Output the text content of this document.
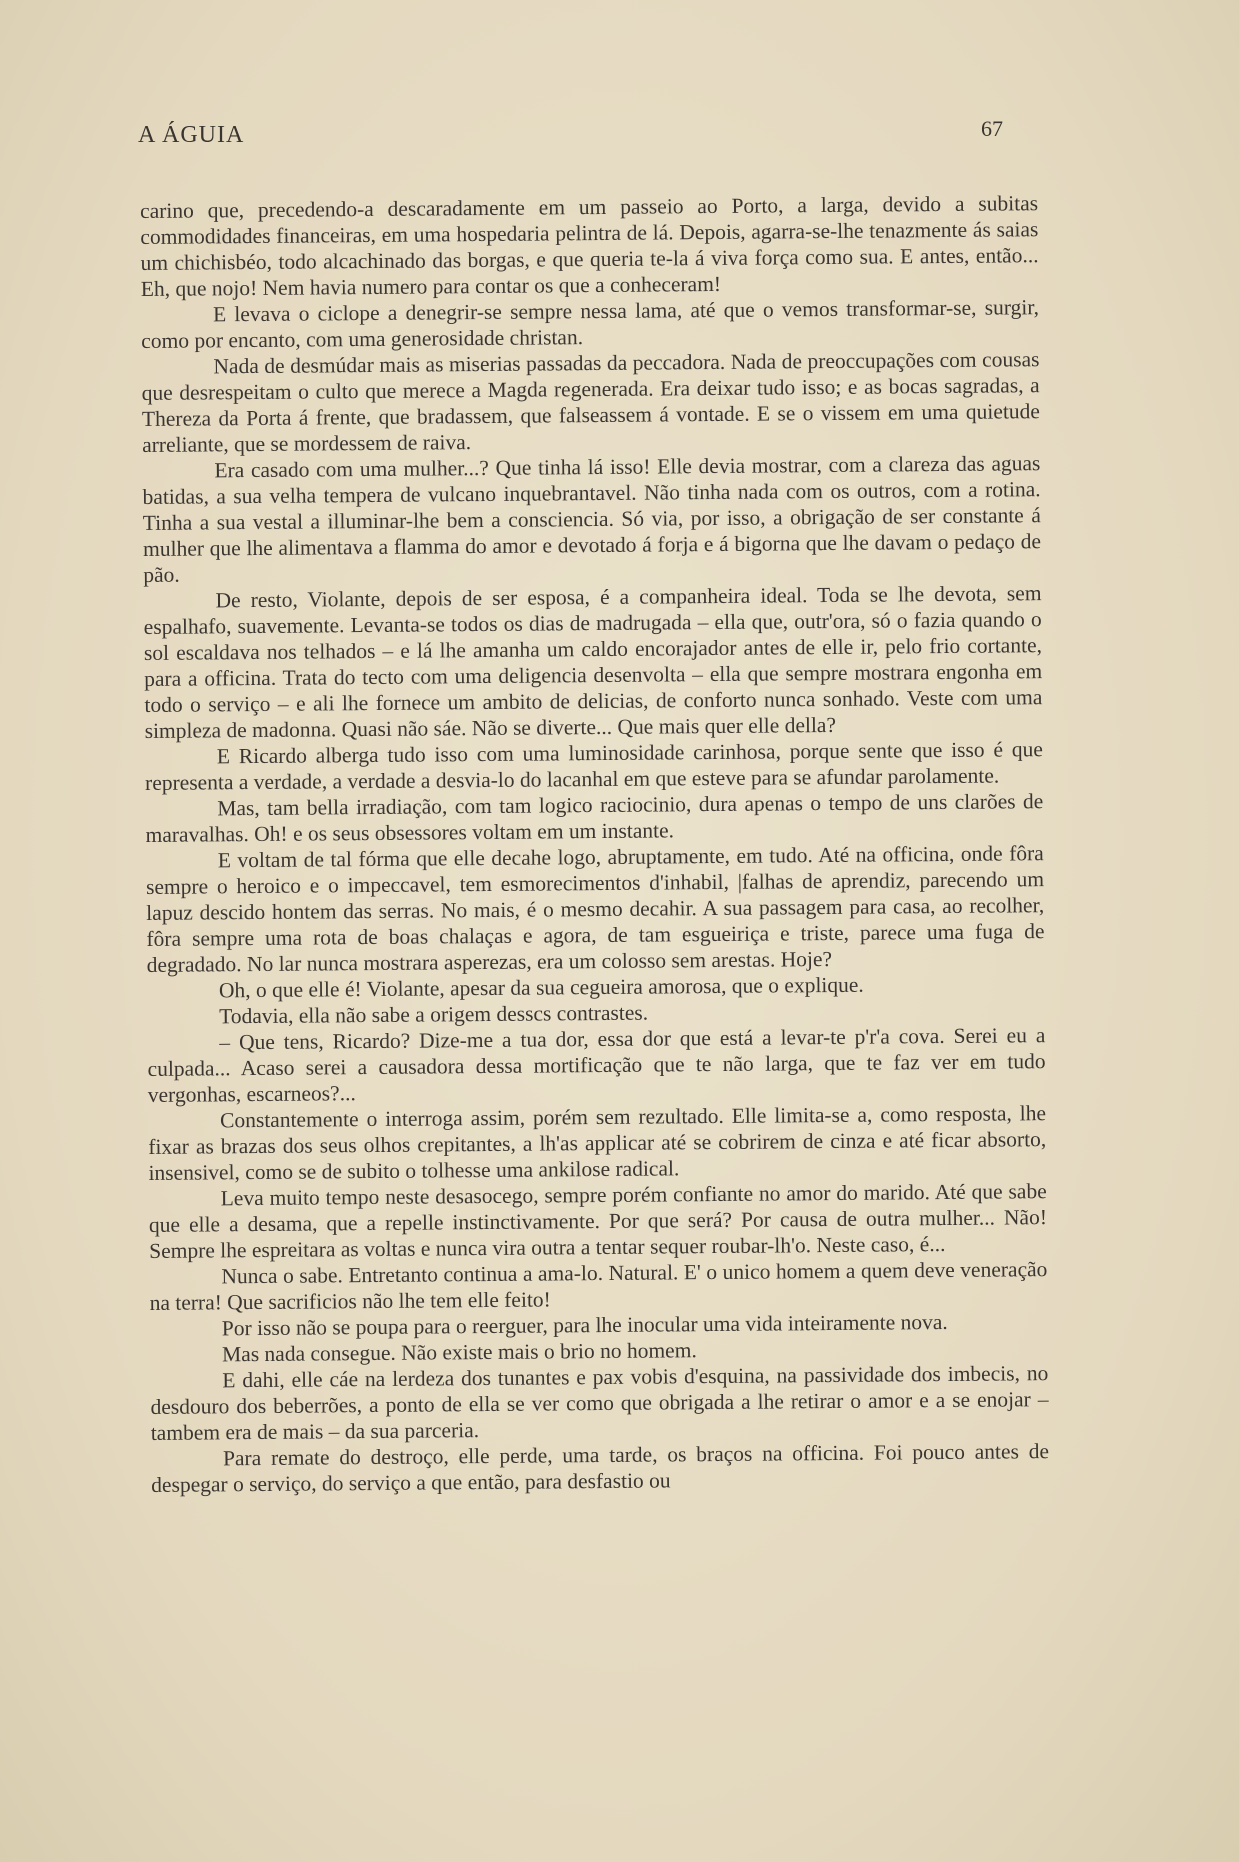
A ÁGUIA	67

carino que, precedendo-a descaradamente em um passeio ao Porto, a larga, devido a subitas commodidades financeiras, em uma hospedaria pelintra de lá. Depois, agarra-se-lhe tenazmente ás saias um chichisbéo, todo alcachinado das borgas, e que queria te-la á viva força como sua. E antes, então... Eh, que nojo! Nem havia numero para contar os que a conheceram!

E levava o ciclope a denegrir-se sempre nessa lama, até que o vemos transformar-se, surgir, como por encanto, com uma generosidade christan.

Nada de desmúdar mais as miserias passadas da peccadora. Nada de preoccupações com cousas que desrespeitam o culto que merece a Magda regenerada. Era deixar tudo isso; e as bocas sagradas, a Thereza da Porta á frente, que bradassem, que falseassem á vontade. E se o vissem em uma quietude arreliante, que se mordessem de raiva.

Era casado com uma mulher...? Que tinha lá isso! Elle devia mostrar, com a clareza das aguas batidas, a sua velha tempera de vulcano inquebrantavel. Não tinha nada com os outros, com a rotina. Tinha a sua vestal a illuminar-lhe bem a consciencia. Só via, por isso, a obrigação de ser constante á mulher que lhe alimentava a flamma do amor e devotado á forja e á bigorna que lhe davam o pedaço de pão.

De resto, Violante, depois de ser esposa, é a companheira ideal. Toda se lhe devota, sem espalhafo, suavemente. Levanta-se todos os dias de madrugada – ella que, outr'ora, só o fazia quando o sol escaldava nos telhados – e lá lhe amanha um caldo encorajador antes de elle ir, pelo frio cortante, para a officina. Trata do tecto com uma deligencia desenvolta – ella que sempre mostrara engonha em todo o serviço – e ali lhe fornece um ambito de delicias, de conforto nunca sonhado. Veste com uma simpleza de madonna. Quasi não sáe. Não se diverte... Que mais quer elle della?

E Ricardo alberga tudo isso com uma luminosidade carinhosa, porque sente que isso é que representa a verdade, a verdade a desvia-lo do lacanhal em que esteve para se afundar parolamente.

Mas, tam bella irradiação, com tam logico raciocinio, dura apenas o tempo de uns clarões de maravalhas. Oh! e os seus obsessores voltam em um instante.

E voltam de tal fórma que elle decahe logo, abruptamente, em tudo. Até na officina, onde fôra sempre o heroico e o impeccavel, tem esmorecimentos d'inhabil, |falhas de aprendiz, parecendo um lapuz descido hontem das serras. No mais, é o mesmo decahir. A sua passagem para casa, ao recolher, fôra sempre uma rota de boas chalaças e agora, de tam esgueiriça e triste, parece uma fuga de degradado. No lar nunca mostrara asperezas, era um colosso sem arestas. Hoje?

Oh, o que elle é! Violante, apesar da sua cegueira amorosa, que o explique.

Todavia, ella não sabe a origem desscs contrastes.

– Que tens, Ricardo? Dize-me a tua dor, essa dor que está a levar-te p'r'a cova. Serei eu a culpada... Acaso serei a causadora dessa mortificação que te não larga, que te faz ver em tudo vergonhas, escarneos?...

Constantemente o interroga assim, porém sem rezultado. Elle limita-se a, como resposta, lhe fixar as brazas dos seus olhos crepitantes, a lh'as applicar até se cobrirem de cinza e até ficar absorto, insensivel, como se de subito o tolhesse uma ankilose radical.

Leva muito tempo neste desasocego, sempre porém confiante no amor do marido. Até que sabe que elle a desama, que a repelle instinctivamente. Por que será? Por causa de outra mulher... Não! Sempre lhe espreitara as voltas e nunca vira outra a tentar sequer roubar-lh'o. Neste caso, é...

Nunca o sabe. Entretanto continua a ama-lo. Natural. E' o unico homem a quem deve veneração na terra! Que sacrificios não lhe tem elle feito!

Por isso não se poupa para o reerguer, para lhe inocular uma vida inteiramente nova.

Mas nada consegue. Não existe mais o brio no homem.

E dahi, elle cáe na lerdeza dos tunantes e pax vobis d'esquina, na passividade dos imbecis, no desdouro dos beberrões, a ponto de ella se ver como que obrigada a lhe retirar o amor e a se enojar – tambem era de mais – da sua parceria.

Para remate do destroço, elle perde, uma tarde, os braços na officina. Foi pouco antes de despegar o serviço, do serviço a que então, para desfastio ou
